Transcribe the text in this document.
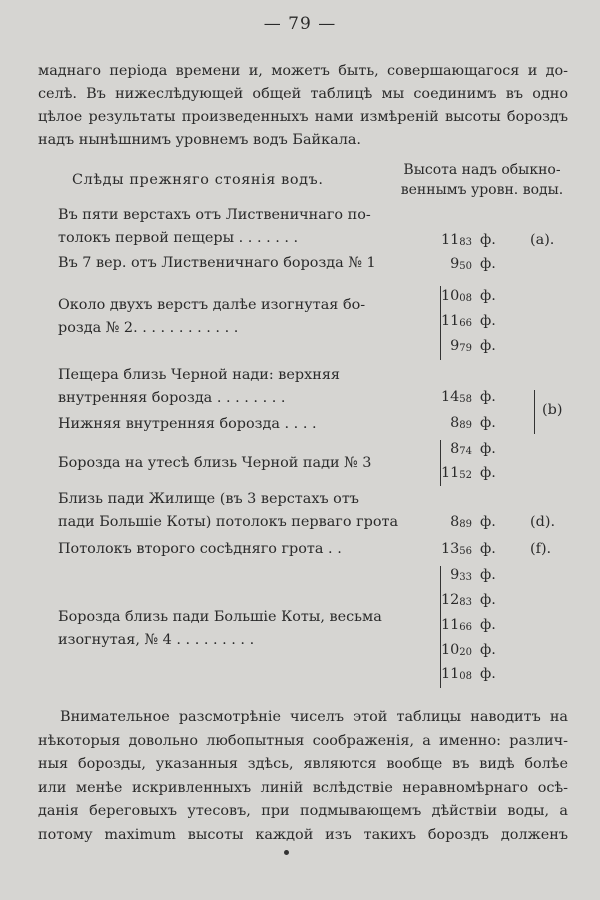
— 79 —
маднаго періода времени и, можетъ быть, совершающагося и до-
селѣ. Въ нижеслѣдующей общей таблицѣ мы соединимъ въ одно
цѣлое результаты произведенныхъ нами измѣреній высоты бороздъ
надъ нынѣшнимъ уровнемъ водъ Байкала.
Слѣды прежняго стоянія водъ.
Высота надъ обыкно-
веннымъ уровн. воды.
Въ пяти верстахъ отъ Лиственичнаго по-
толокъ первой пещеры . . . . . . .
Въ 7 вер. отъ Лиственичнаго борозда № 1
Около двухъ верстъ далѣе изогнутая бо-
розда № 2. . . . . . . . . . . .
Пещера близь Черной нади: верхняя
внутренняя борозда . . . . . . . .
Нижняя внутренняя борозда . . . .
Борозда на утесѣ близь Черной пади № 3
Близь пади Жилище (въ 3 верстахъ отъ
пади Большіе Коты) потолокъ перваго грота
Потолокъ второго сосѣдняго грота . .
Борозда близь пади Большіе Коты, весьма
изогнутая, № 4 . . . . . . . . .
1183 ф. (a).
950 ф.
1008 ф.
1166 ф.
979 ф.
1458 ф.
889 ф.
(b)
874 ф.
1152 ф.
889 ф. (d).
1356 ф. (f).
933 ф.
1283 ф.
1166 ф.
1020 ф.
1108 ф.
Внимательное разсмотрѣніе чиселъ этой таблицы наводитъ на
нѣкоторыя довольно любопытныя соображенія, а именно: различ-
ныя борозды, указанныя здѣсь, являются вообще въ видѣ болѣе
или менѣе искривленныхъ линій вслѣдствіе неравномѣрнаго осѣ-
данія береговыхъ утесовъ, при подмывающемъ дѣйствіи воды, а
потому maximum высоты каждой изъ такихъ бороздъ долженъ
